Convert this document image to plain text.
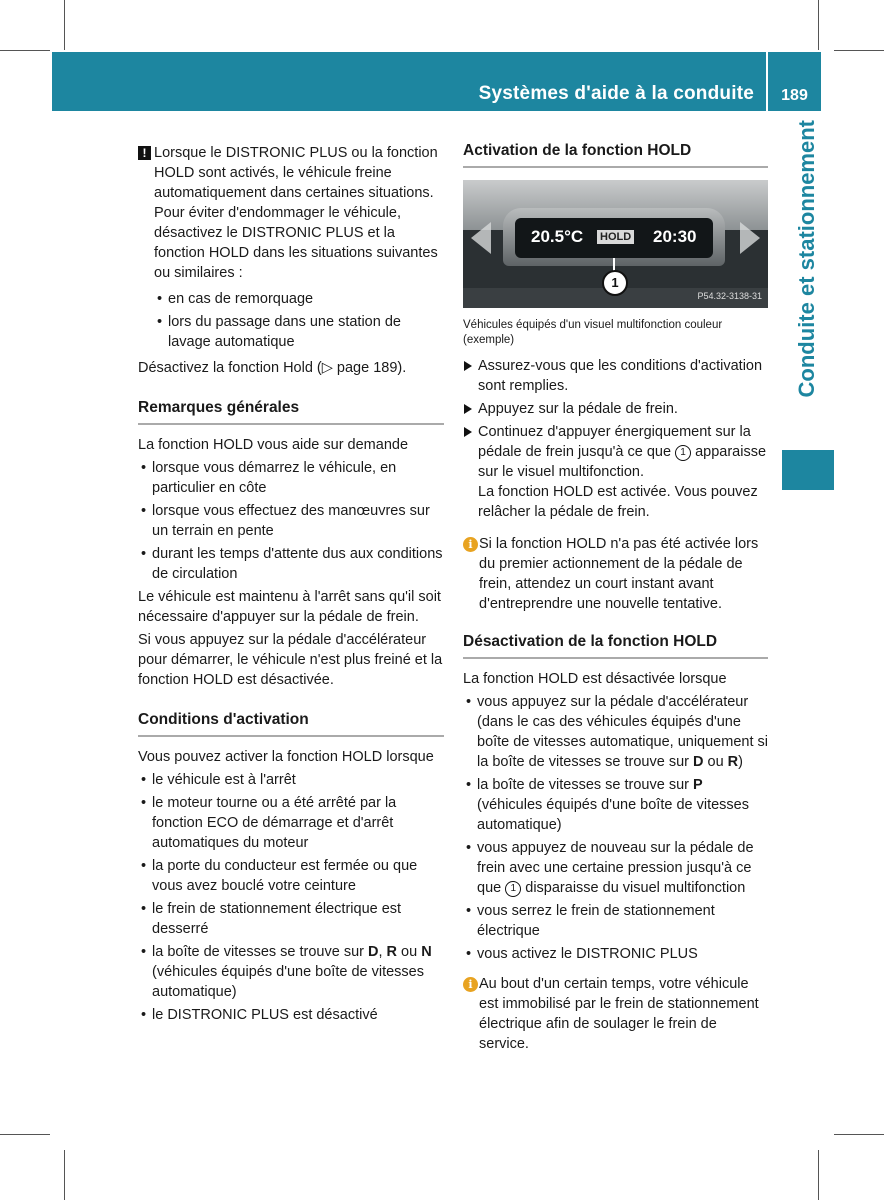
Systèmes d'aide à la conduite	189
Conduite et stationnement
! Lorsque le DISTRONIC PLUS ou la fonction HOLD sont activés, le véhicule freine automatiquement dans certaines situations. Pour éviter d'endommager le véhicule, désactivez le DISTRONIC PLUS et la fonction HOLD dans les situations suivantes ou similaires :

• en cas de remorquage
• lors du passage dans une station de lavage automatique

Désactivez la fonction Hold (▷ page 189).

Remarques générales

La fonction HOLD vous aide sur demande

• lorsque vous démarrez le véhicule, en particulier en côte
• lorsque vous effectuez des manœuvres sur un terrain en pente
• durant les temps d'attente dus aux conditions de circulation

Le véhicule est maintenu à l'arrêt sans qu'il soit nécessaire d'appuyer sur la pédale de frein.

Si vous appuyez sur la pédale d'accélérateur pour démarrer, le véhicule n'est plus freiné et la fonction HOLD est désactivée.

Conditions d'activation

Vous pouvez activer la fonction HOLD lorsque

• le véhicule est à l'arrêt
• le moteur tourne ou a été arrêté par la fonction ECO de démarrage et d'arrêt automatiques du moteur
• la porte du conducteur est fermée ou que vous avez bouclé votre ceinture
• le frein de stationnement électrique est desserré
• la boîte de vitesses se trouve sur D, R ou N (véhicules équipés d'une boîte de vitesses automatique)
• le DISTRONIC PLUS est désactivé
Activation de la fonction HOLD
20.5°C HOLD 20:30
1
P54.32-3138-31

Véhicules équipés d'un visuel multifonction couleur (exemple)

Assurez-vous que les conditions d'activation sont remplies.
Appuyez sur la pédale de frein.
Continuez d'appuyer énergiquement sur la pédale de frein jusqu'à ce que 1 apparaisse sur le visuel multifonction.

La fonction HOLD est activée. Vous pouvez relâcher la pédale de frein.

i Si la fonction HOLD n'a pas été activée lors du premier actionnement de la pédale de frein, attendez un court instant avant d'entreprendre une nouvelle tentative.

Désactivation de la fonction HOLD

La fonction HOLD est désactivée lorsque

• vous appuyez sur la pédale d'accélérateur (dans le cas des véhicules équipés d'une boîte de vitesses automatique, uniquement si la boîte de vitesses se trouve sur D ou R)
• la boîte de vitesses se trouve sur P (véhicules équipés d'une boîte de vitesses automatique)
• vous appuyez de nouveau sur la pédale de frein avec une certaine pression jusqu'à ce que 1 disparaisse du visuel multifonction
• vous serrez le frein de stationnement électrique
• vous activez le DISTRONIC PLUS
i Au bout d'un certain temps, votre véhicule est immobilisé par le frein de stationnement électrique afin de soulager le frein de service.
